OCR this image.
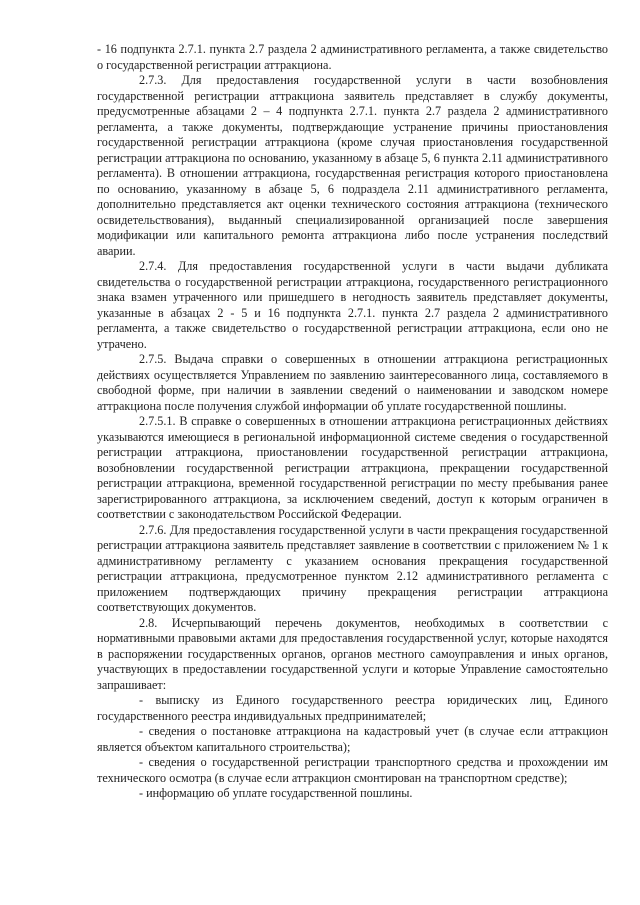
- 16 подпункта 2.7.1. пункта 2.7 раздела 2 административного регламента, а также свидетельство о государственной регистрации аттракциона.

2.7.3. Для предоставления государственной услуги в части возобновления государственной регистрации аттракциона заявитель представляет в службу документы, предусмотренные абзацами 2 – 4 подпункта 2.7.1. пункта 2.7 раздела 2 административного регламента, а также документы, подтверждающие устранение причины приостановления государственной регистрации аттракциона (кроме случая приостановления государственной регистрации аттракциона по основанию, указанному в абзаце 5, 6 пункта 2.11 административного регламента). В отношении аттракциона, государственная регистрация которого приостановлена по основанию, указанному в абзаце 5, 6 подраздела 2.11 административного регламента, дополнительно представляется акт оценки технического состояния аттракциона (технического освидетельствования), выданный специализированной организацией после завершения модификации или капитального ремонта аттракциона либо после устранения последствий аварии.

2.7.4. Для предоставления государственной услуги в части выдачи дубликата свидетельства о государственной регистрации аттракциона, государственного регистрационного знака взамен утраченного или пришедшего в негодность заявитель представляет документы, указанные в абзацах 2 - 5 и 16 подпункта 2.7.1. пункта 2.7 раздела 2 административного регламента, а также свидетельство о государственной регистрации аттракциона, если оно не утрачено.

2.7.5. Выдача справки о совершенных в отношении аттракциона регистрационных действиях осуществляется Управлением по заявлению заинтересованного лица, составляемого в свободной форме, при наличии в заявлении сведений о наименовании и заводском номере аттракциона после получения службой информации об уплате государственной пошлины.

2.7.5.1. В справке о совершенных в отношении аттракциона регистрационных действиях указываются имеющиеся в региональной информационной системе сведения о государственной регистрации аттракциона, приостановлении государственной регистрации аттракциона, возобновлении государственной регистрации аттракциона, прекращении государственной регистрации аттракциона, временной государственной регистрации по месту пребывания ранее зарегистрированного аттракциона, за исключением сведений, доступ к которым ограничен в соответствии с законодательством Российской Федерации.

2.7.6. Для предоставления государственной услуги в части прекращения государственной регистрации аттракциона заявитель представляет заявление в соответствии с приложением № 1 к административному регламенту с указанием основания прекращения государственной регистрации аттракциона, предусмотренное пунктом 2.12 административного регламента с приложением подтверждающих причину прекращения регистрации аттракциона соответствующих документов.

2.8. Исчерпывающий перечень документов, необходимых в соответствии с нормативными правовыми актами для предоставления государственной услуг, которые находятся в распоряжении государственных органов, органов местного самоуправления и иных органов, участвующих в предоставлении государственной услуги и которые Управление самостоятельно запрашивает:

- выписку из Единого государственного реестра юридических лиц, Единого государственного реестра индивидуальных предпринимателей;

- сведения о постановке аттракциона на кадастровый учет (в случае если аттракцион является объектом капитального строительства);

- сведения о государственной регистрации транспортного средства и прохождении им технического осмотра (в случае если аттракцион смонтирован на транспортном средстве);

- информацию об уплате государственной пошлины.
